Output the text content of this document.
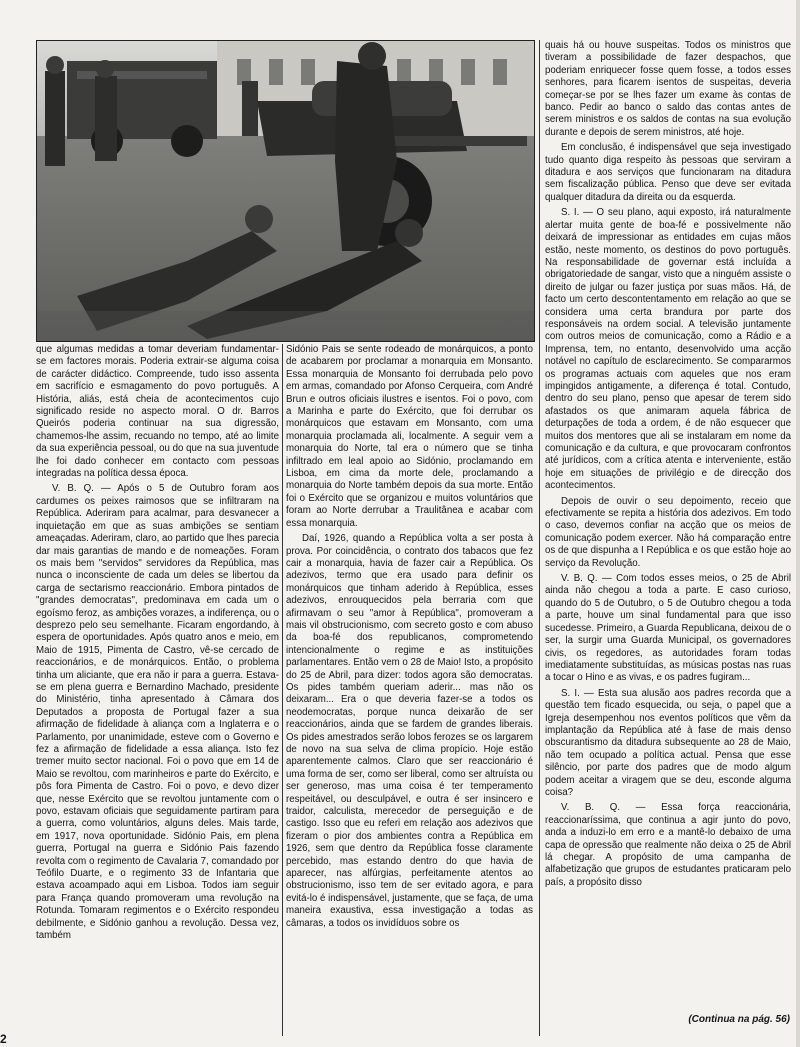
que algumas medidas a tomar deveriam fundamentar-se em factores morais. Poderia extrair-se alguma coisa de carácter didáctico. Compreende, tudo isso assenta em sacrifício e esmagamento do povo português. A História, aliás, está cheia de acontecimentos cujo significado reside no aspecto moral. O dr. Barros Queirós poderia continuar na sua digressão, chamemos-lhe assim, recuando no tempo, até ao limite da sua experiência pessoal, ou do que na sua juventude lhe foi dado conhecer em contacto com pessoas integradas na política dessa época.

V. B. Q. — Após o 5 de Outubro foram aos cardumes os peixes raimosos que se infiltraram na República. Aderiram para acalmar, para desvanecer a inquietação em que as suas ambições se sentiam ameaçadas. Aderiram, claro, ao partido que lhes parecia dar mais garantias de mando e de nomeações. Foram os mais bem "servidos" servidores da República, mas nunca o inconsciente de cada um deles se libertou da carga de sectarismo reaccionário. Embora pintados de "grandes democratas", predominava em cada um o egoísmo feroz, as ambições vorazes, a indiferença, ou o desprezo pelo seu semelhante. Ficaram engordando, à espera de oportunidades. Após quatro anos e meio, em Maio de 1915, Pimenta de Castro, vê-se cercado de reaccionários, e de monárquicos. Então, o problema tinha um aliciante, que era não ir para a guerra. Estava-se em plena guerra e Bernardino Machado, presidente do Ministério, tinha apresentado à Câmara dos Deputados a proposta de Portugal fazer a sua afirmação de fidelidade à aliança com a Inglaterra e o Parlamento, por unanimidade, esteve com o Governo e fez a afirmação de fidelidade a essa aliança. Isto fez tremer muito sector nacional. Foi o povo que em 14 de Maio se revoltou, com marinheiros e parte do Exército, e pôs fora Pimenta de Castro. Foi o povo, e devo dizer que, nesse Exército que se revoltou juntamente com o povo, estavam oficiais que seguidamente partiram para a guerra, como voluntários, alguns deles. Mais tarde, em 1917, nova oportunidade. Sidónio Pais, em plena guerra, Portugal na guerra e Sidónio Pais fazendo revolta com o regimento de Cavalaria 7, comandado por Teófilo Duarte, e o regimento 33 de Infantaria que estava acoampado aqui em Lisboa. Todos iam seguir para França quando promoveram uma revolução na Rotunda. Tomaram regimentos e o Exército respondeu debilmente, e Sidónio ganhou a revolução. Dessa vez, também

Sidónio Pais se sente rodeado de monárquicos, a ponto de acabarem por proclamar a monarquia em Monsanto. Essa monarquia de Monsanto foi derrubada pelo povo em armas, comandado por Afonso Cerqueira, com André Brun e outros oficiais ilustres e isentos. Foi o povo, com a Marinha e parte do Exército, que foi derrubar os monárquicos que estavam em Monsanto, com uma monarquia proclamada ali, localmente. A seguir vem a monarquia do Norte, tal era o número que se tinha infiltrado em leal apoio ao Sidónio, proclamando em Lisboa, em cima da morte dele, proclamando a monarquia do Norte também depois da sua morte. Então foi o Exército que se organizou e muitos voluntários que foram ao Norte derrubar a Traulitânea e acabar com essa monarquia.

Daí, 1926, quando a República volta a ser posta à prova. Por coincidência, o contrato dos tabacos que fez cair a monarquia, havia de fazer cair a República. Os adezivos, termo que era usado para definir os monárquicos que tinham aderido à República, esses adezivos, enrouquecidos pela berraria com que afirmavam o seu "amor à República", promoveram a mais vil obstrucionismo, com secreto gosto e com abuso da boa-fé dos republicanos, comprometendo intencionalmente o regime e as instituições parlamentares. Então vem o 28 de Maio! Isto, a propósito do 25 de Abril, para dizer: todos agora são democratas. Os pides também queriam aderir... mas não os deixaram... Era o que deveria fazer-se a todos os neodemocratas, porque nunca deixarão de ser reaccionários, ainda que se fardem de grandes liberais. Os pides amestrados serão lobos ferozes se os largarem de novo na sua selva de clima propício. Hoje estão aparentemente calmos. Claro que ser reaccionário é uma forma de ser, como ser liberal, como ser altruísta ou ser generoso, mas uma coisa é ter temperamento respeitável, ou desculpável, e outra é ser insincero e traidor, calculista, merecedor de perseguição e de castigo. Isso que eu referi em relação aos adezivos que fizeram o pior dos ambientes contra a República em 1926, sem que dentro da República fosse claramente percebido, mas estando dentro do que havia de aparecer, nas alfúrgias, perfeitamente atentos ao obstrucionismo, isso tem de ser evitado agora, e para evitá-lo é indispensável, justamente, que se faça, de uma maneira exaustiva, essa investigação a todas as câmaras, a todos os invidíduos sobre os

quais há ou houve suspeitas. Todos os ministros que tiveram a possibilidade de fazer despachos, que poderiam enriquecer fosse quem fosse, a todos esses senhores, para ficarem isentos de suspeitas, deveria começar-se por se lhes fazer um exame às contas de banco. Pedir ao banco o saldo das contas antes de serem ministros e os saldos de contas na sua evolução durante e depois de serem ministros, até hoje.

Em conclusão, é indispensável que seja investigado tudo quanto diga respeito às pessoas que serviram a ditadura e aos serviços que funcionaram na ditadura sem fiscalização pública. Penso que deve ser evitada qualquer ditadura da direita ou da esquerda.

S. I. — O seu plano, aqui exposto, irá naturalmente alertar muita gente de boa-fé e possivelmente não deixará de impressionar as entidades em cujas mãos estão, neste momento, os destinos do povo português. Na responsabilidade de governar está incluída a obrigatoriedade de sangar, visto que a ninguém assiste o direito de julgar ou fazer justiça por suas mãos. Há, de facto um certo descontentamento em relação ao que se considera uma certa brandura por parte dos responsáveis na ordem social. A televisão juntamente com outros meios de comunicação, como a Rádio e a Imprensa, tem, no entanto, desenvolvido uma acção notável no capítulo de esclarecimento. Se compararmos os programas actuais com aqueles que nos eram impingidos antigamente, a diferença é total. Contudo, dentro do seu plano, penso que apesar de terem sido afastados os que animaram aquela fábrica de deturpações de toda a ordem, é de não esquecer que muitos dos mentores que ali se instalaram em nome da comunicação e da cultura, e que provocaram confrontos até jurídicos, com a crítica atenta e interveniente, estão hoje em situações de privilégio e de direcção dos acontecimentos.

Depois de ouvir o seu depoimento, receio que efectivamente se repita a história dos adezivos. Em todo o caso, devemos confiar na acção que os meios de comunicação podem exercer. Não há comparação entre os de que dispunha a I República e os que estão hoje ao serviço da Revolução.

V. B. Q. — Com todos esses meios, o 25 de Abril ainda não chegou a toda a parte. E caso curioso, quando do 5 de Outubro, o 5 de Outubro chegou a toda a parte, houve um sinal fundamental para que isso sucedesse. Primeiro, a Guarda Republicana, deixou de o ser, la surgir uma Guarda Municipal, os governadores civis, os regedores, as autoridades foram todas imediatamente substituídas, as músicas postas nas ruas a tocar o Hino e as vivas, e os padres fugiram...

S. I. — Esta sua alusão aos padres recorda que a questão tem ficado esquecida, ou seja, o papel que a Igreja desempenhou nos eventos políticos que vêm da implantação da República até à fase de mais denso obscurantismo da ditadura subsequente ao 28 de Maio, não tem ocupado a política actual. Pensa que esse silêncio, por parte dos padres que de modo algum podem aceitar a viragem que se deu, esconde alguma coisa?

V. B. Q. — Essa força reaccionária, reaccionaríssima, que continua a agir junto do povo, anda a induzi-lo em erro e a mantê-lo debaixo de uma capa de opressão que realmente não deixa o 25 de Abril lá chegar. A propósito de uma campanha de alfabetização que grupos de estudantes praticaram pelo país, a propósito disso

(Continua na pág. 56)
2
